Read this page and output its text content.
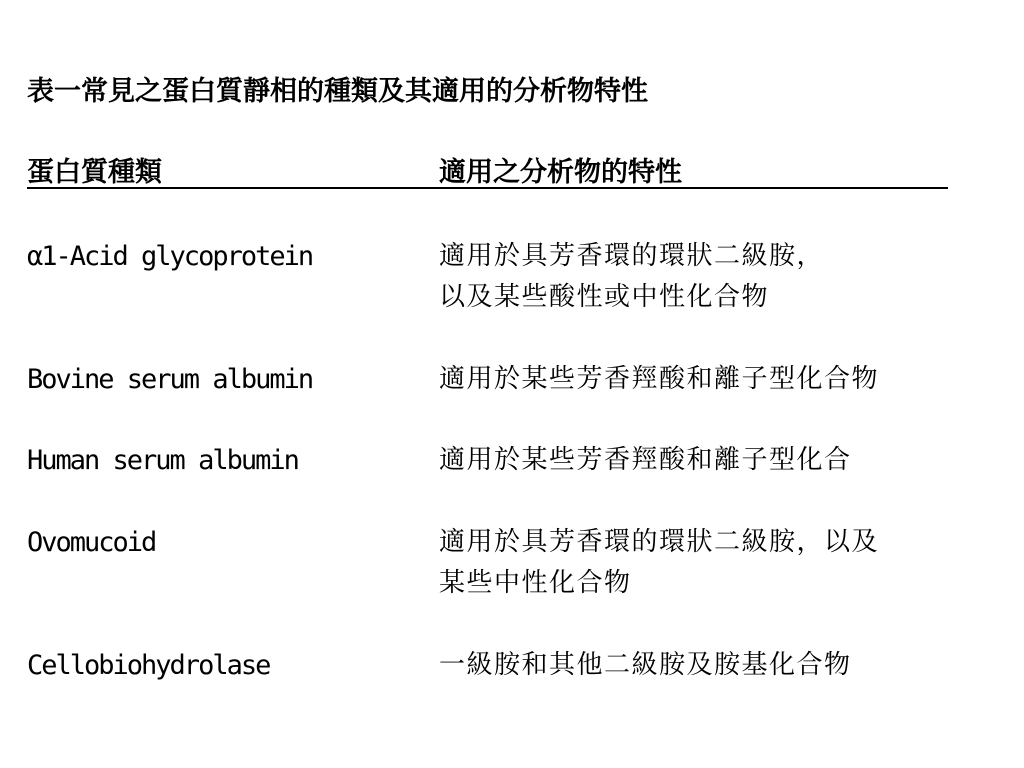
表一常見之蛋白質靜相的種類及其適用的分析物特性
蛋白質種類	適用之分析物的特性
α1-Acid glycoprotein	適用於具芳香環的環狀二級胺，
以及某些酸性或中性化合物
Bovine serum albumin	適用於某些芳香羥酸和離子型化合物
Human serum albumin	適用於某些芳香羥酸和離子型化合
Ovomucoid	適用於具芳香環的環狀二級胺，以及
某些中性化合物
Cellobiohydrolase	一級胺和其他二級胺及胺基化合物
